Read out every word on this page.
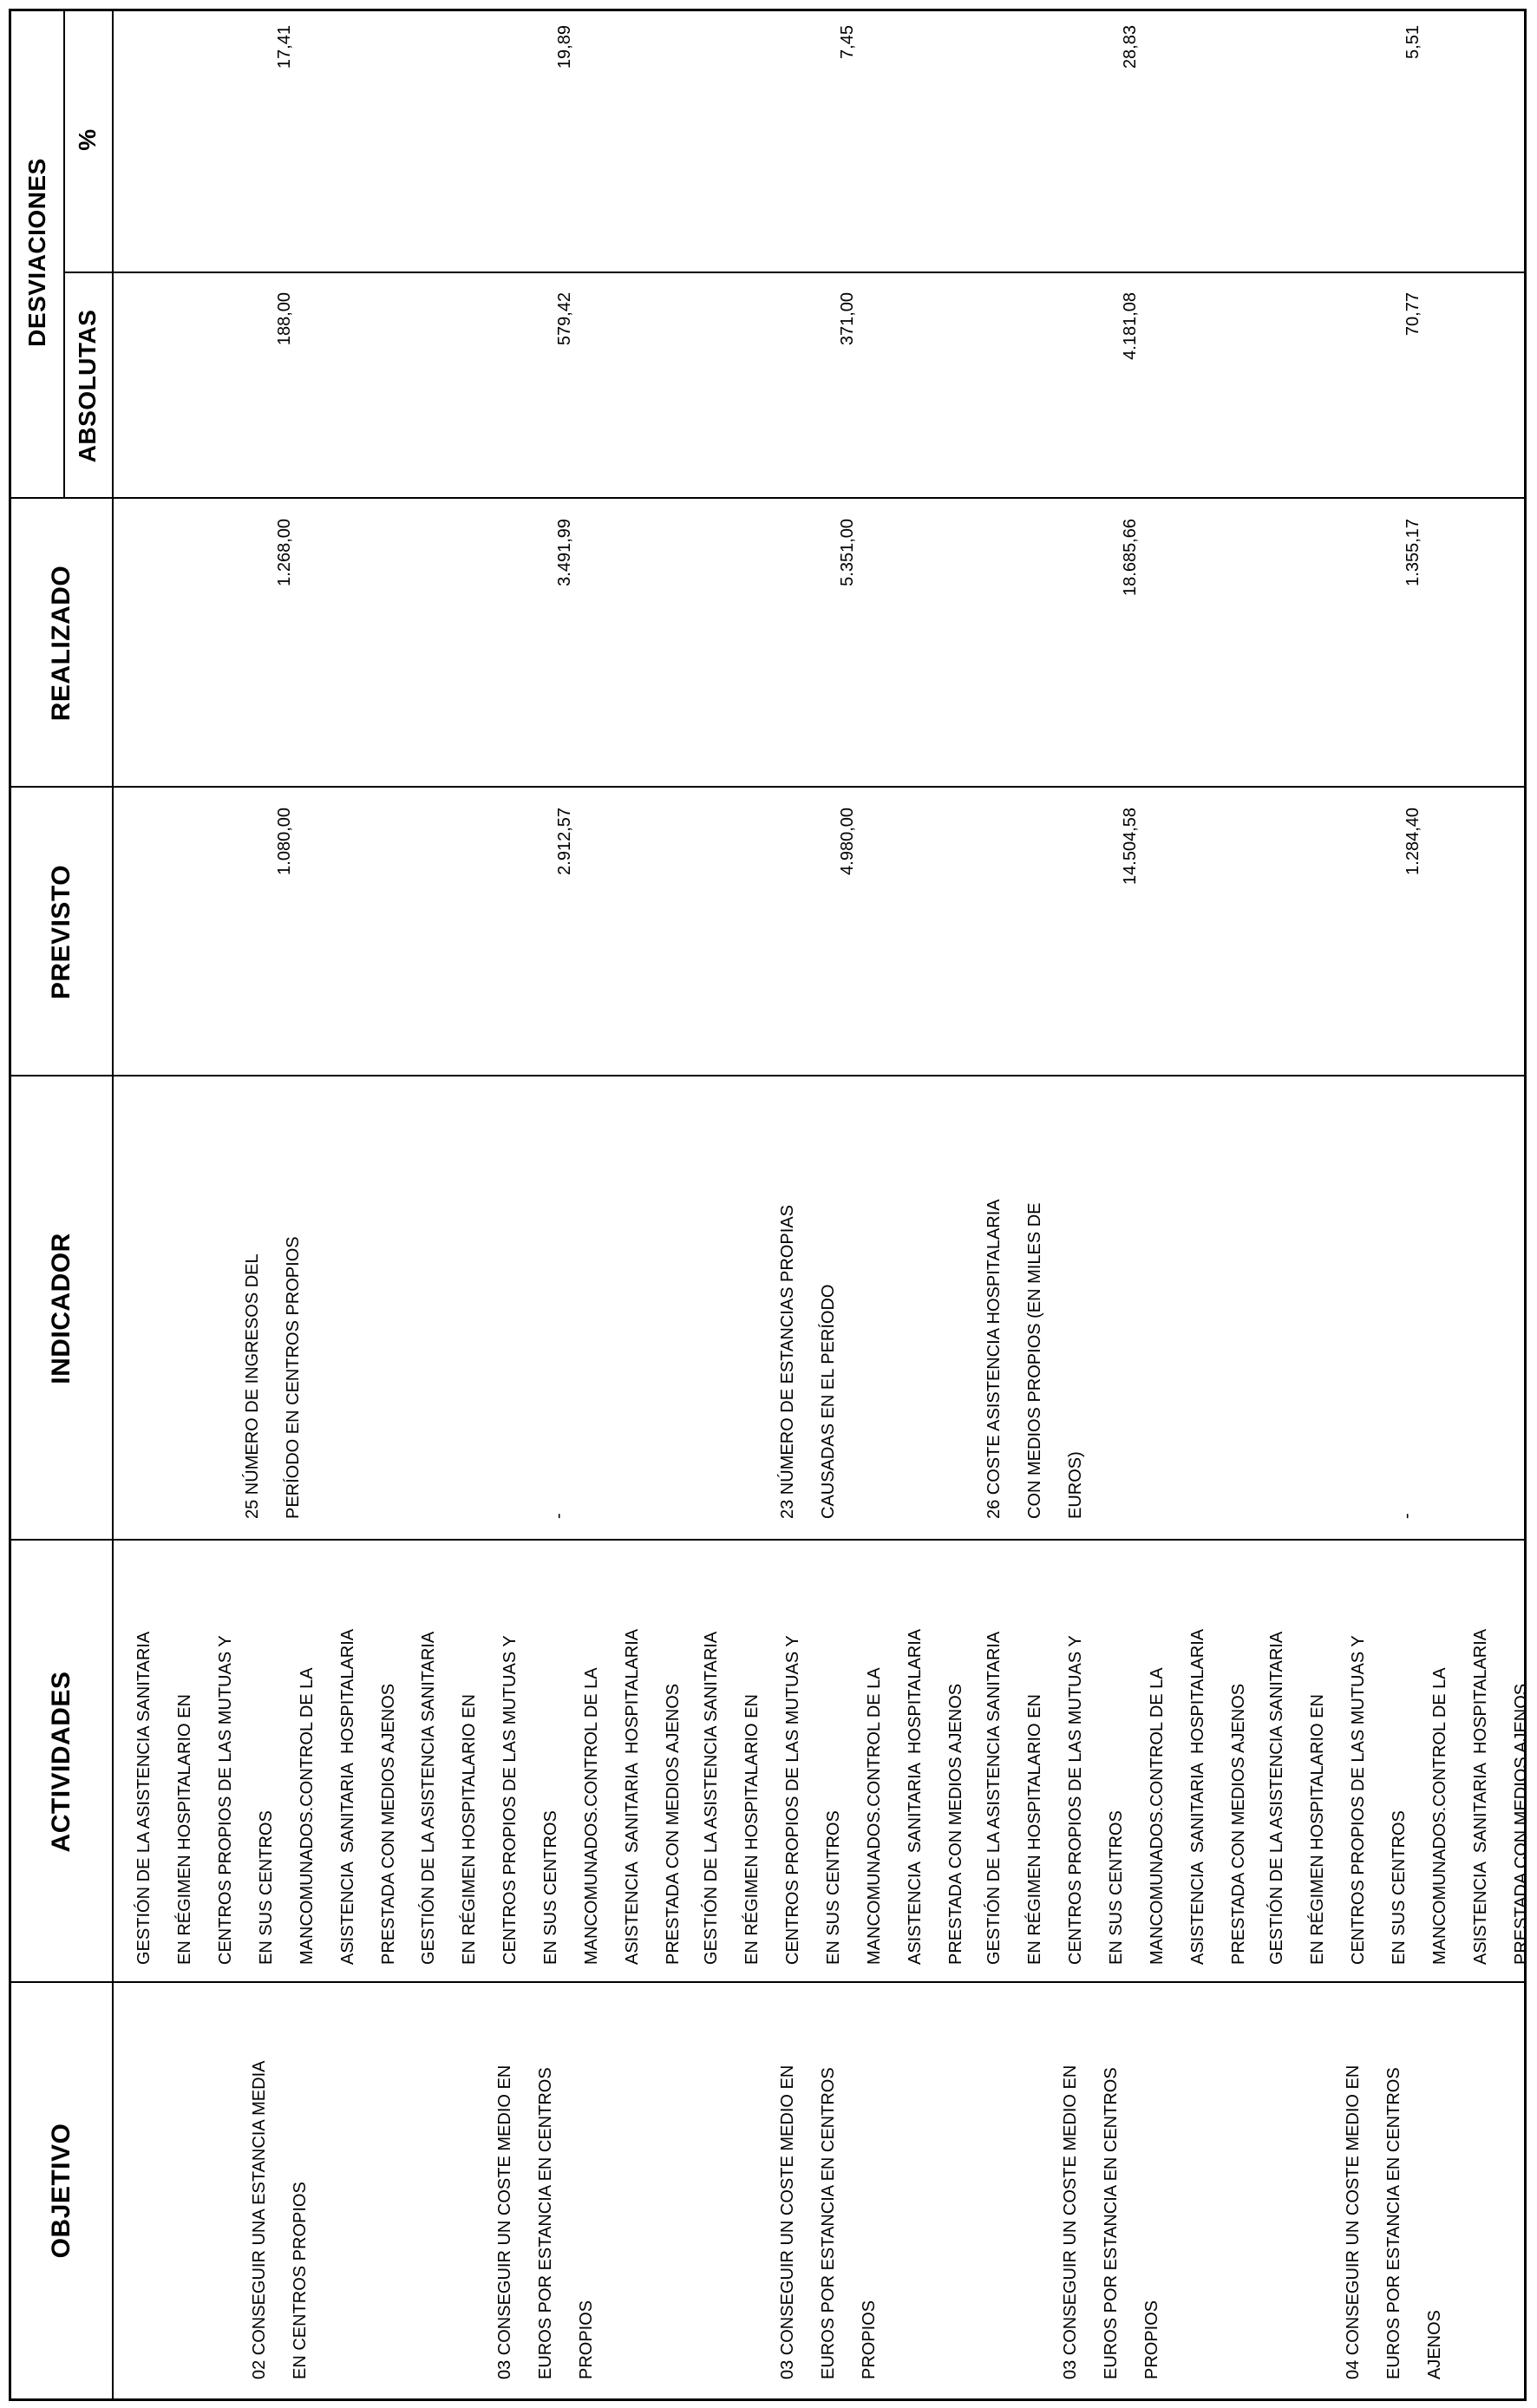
OBJETIVO
ACTIVIDADES
INDICADOR
PREVISTO
REALIZADO
DESVIACIONES
ABSOLUTAS
%
02 CONSEGUIR UNA ESTANCIA MEDIA
EN CENTROS PROPIOS
GESTIÓN DE LA ASISTENCIA SANITARIA
EN RÉGIMEN HOSPITALARIO EN
CENTROS PROPIOS DE LAS MUTUAS Y
EN SUS CENTROS
MANCOMUNADOS.CONTROL DE LA
ASISTENCIA  SANITARIA  HOSPITALARIA
PRESTADA CON MEDIOS AJENOS
25 NÚMERO DE INGRESOS DEL
PERÍODO EN CENTROS PROPIOS
1.080,00
1.268,00
188,00
17,41
03 CONSEGUIR UN COSTE MEDIO EN
EUROS POR ESTANCIA EN CENTROS
PROPIOS
GESTIÓN DE LA ASISTENCIA SANITARIA
EN RÉGIMEN HOSPITALARIO EN
CENTROS PROPIOS DE LAS MUTUAS Y
EN SUS CENTROS
MANCOMUNADOS.CONTROL DE LA
ASISTENCIA  SANITARIA  HOSPITALARIA
PRESTADA CON MEDIOS AJENOS
-
2.912,57
3.491,99
579,42
19,89
03 CONSEGUIR UN COSTE MEDIO EN
EUROS POR ESTANCIA EN CENTROS
PROPIOS
GESTIÓN DE LA ASISTENCIA SANITARIA
EN RÉGIMEN HOSPITALARIO EN
CENTROS PROPIOS DE LAS MUTUAS Y
EN SUS CENTROS
MANCOMUNADOS.CONTROL DE LA
ASISTENCIA  SANITARIA  HOSPITALARIA
PRESTADA CON MEDIOS AJENOS
23 NÚMERO DE ESTANCIAS PROPIAS
CAUSADAS EN EL PERÍODO
4.980,00
5.351,00
371,00
7,45
03 CONSEGUIR UN COSTE MEDIO EN
EUROS POR ESTANCIA EN CENTROS
PROPIOS
GESTIÓN DE LA ASISTENCIA SANITARIA
EN RÉGIMEN HOSPITALARIO EN
CENTROS PROPIOS DE LAS MUTUAS Y
EN SUS CENTROS
MANCOMUNADOS.CONTROL DE LA
ASISTENCIA  SANITARIA  HOSPITALARIA
PRESTADA CON MEDIOS AJENOS
26 COSTE ASISTENCIA HOSPITALARIA
CON MEDIOS PROPIOS (EN MILES DE
EUROS)
14.504,58
18.685,66
4.181,08
28,83
04 CONSEGUIR UN COSTE MEDIO EN
EUROS POR ESTANCIA EN CENTROS
AJENOS
GESTIÓN DE LA ASISTENCIA SANITARIA
EN RÉGIMEN HOSPITALARIO EN
CENTROS PROPIOS DE LAS MUTUAS Y
EN SUS CENTROS
MANCOMUNADOS.CONTROL DE LA
ASISTENCIA  SANITARIA  HOSPITALARIA
PRESTADA CON MEDIOS AJENOS
-
1.284,40
1.355,17
70,77
5,51
